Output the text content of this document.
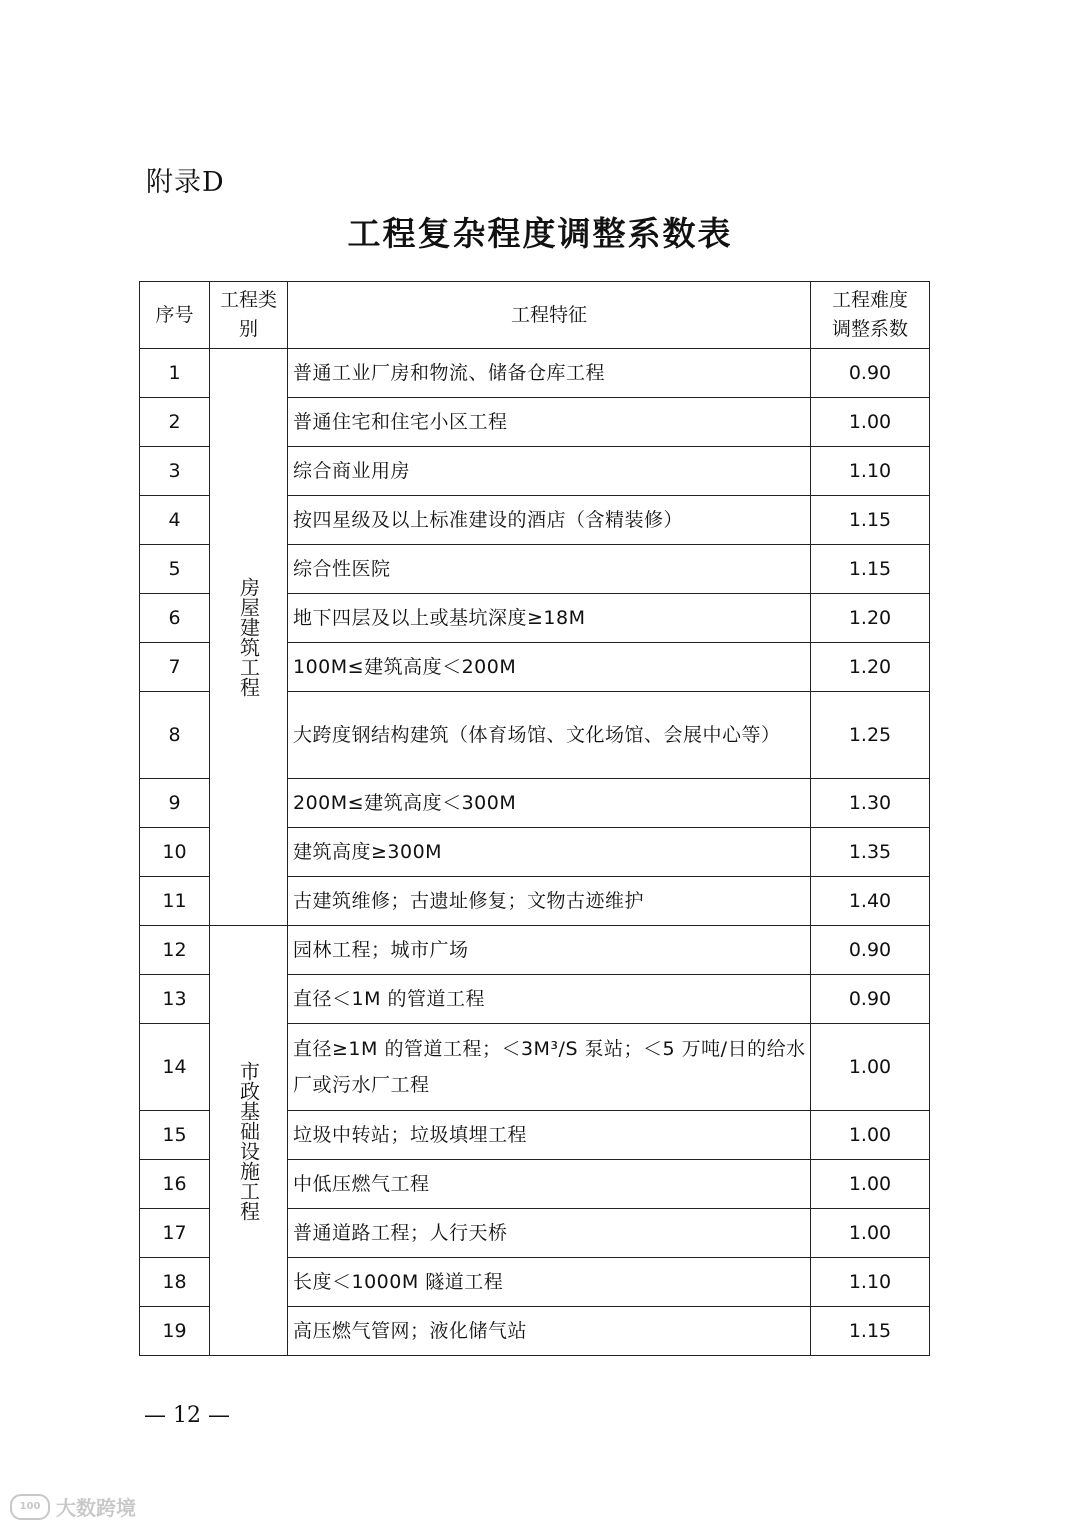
附录D
工程复杂程度调整系数表
序号	工程类别	工程特征	工程难度调整系数
1	房屋建筑工程	普通工业厂房和物流、储备仓库工程	0.90
2		普通住宅和住宅小区工程	1.00
3		综合商业用房	1.10
4		按四星级及以上标准建设的酒店（含精装修）	1.15
5		综合性医院	1.15
6		地下四层及以上或基坑深度≥18M	1.20
7		100M≤建筑高度＜200M	1.20
8		大跨度钢结构建筑（体育场馆、文化场馆、会展中心等）	1.25
9		200M≤建筑高度＜300M	1.30
10		建筑高度≥300M	1.35
11		古建筑维修；古遗址修复；文物古迹维护	1.40
12	市政基础设施工程	园林工程；城市广场	0.90
13		直径＜1M 的管道工程	0.90
14		直径≥1M 的管道工程；＜3M³/S 泵站；＜5 万吨/日的给水厂或污水厂工程	1.00
15		垃圾中转站；垃圾填埋工程	1.00
16		中低压燃气工程	1.00
17		普通道路工程；人行天桥	1.00
18		长度＜1000M 隧道工程	1.10
19		高压燃气管网；液化储气站	1.15
— 12 —
100 大数跨境
